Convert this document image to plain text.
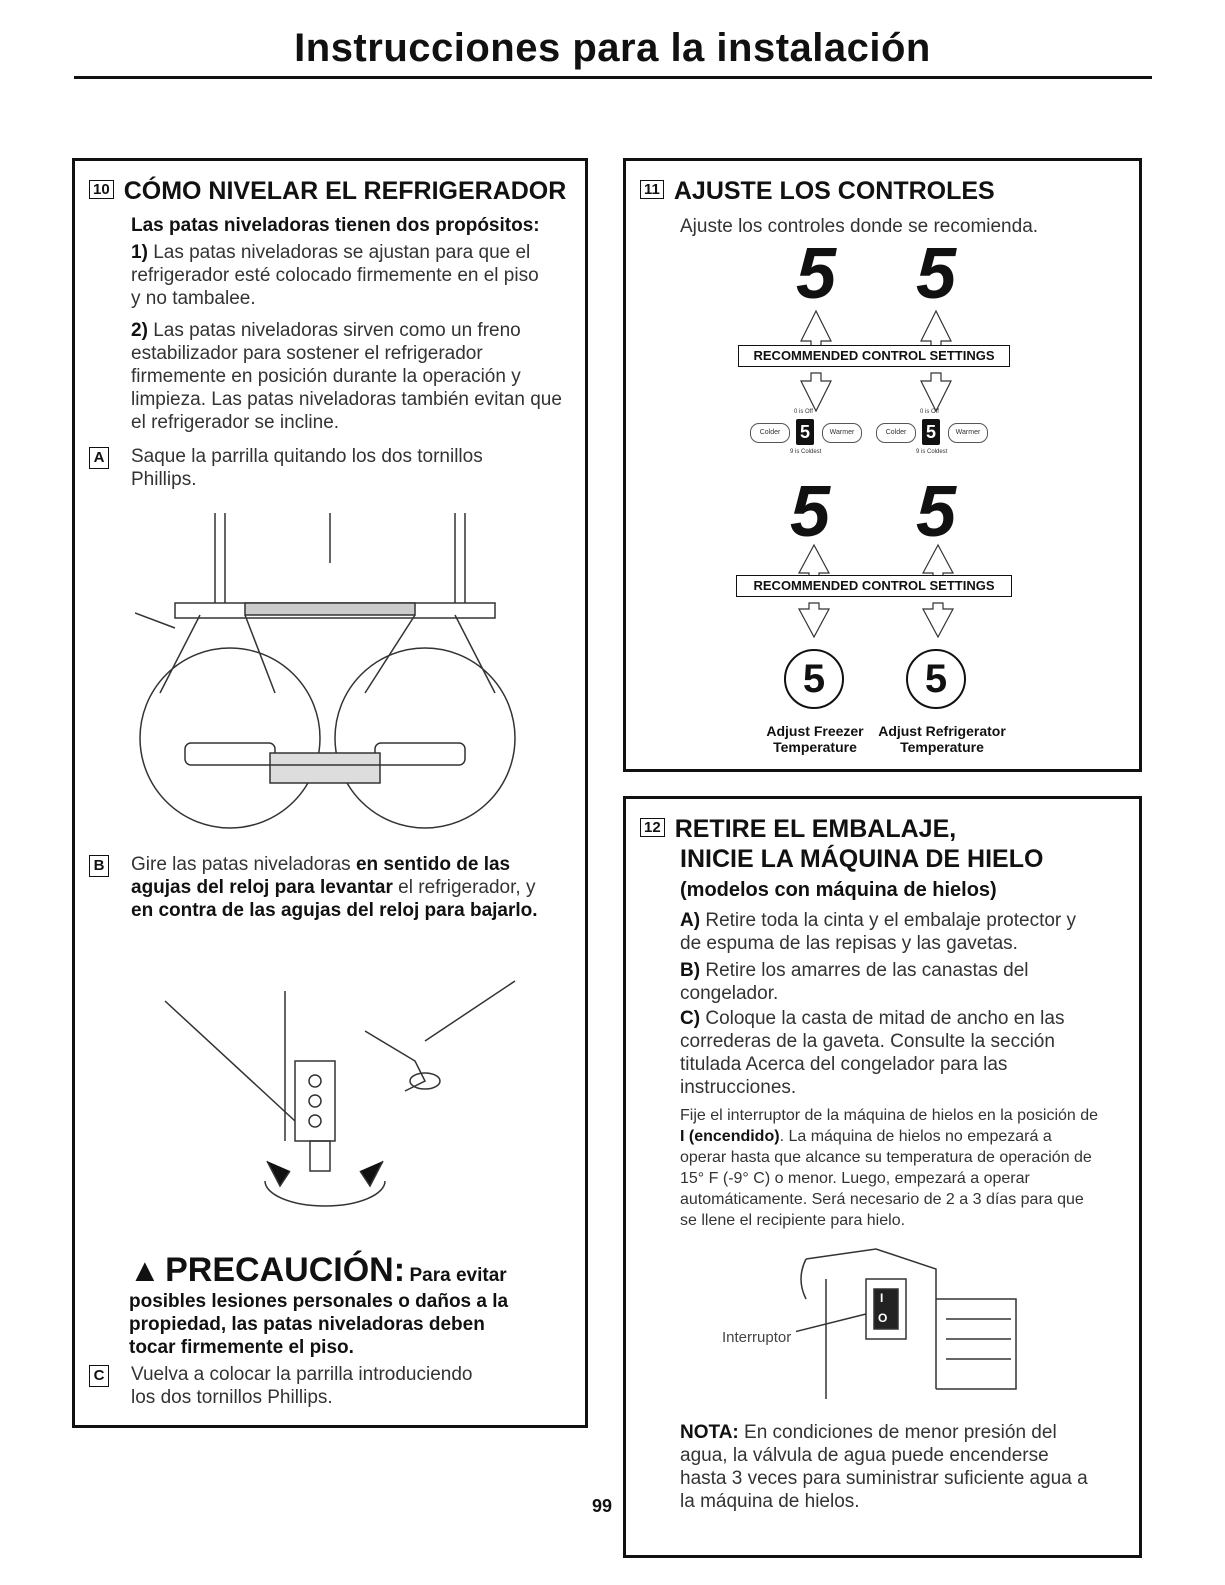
Instrucciones para la instalación
10 CÓMO NIVELAR EL REFRIGERADOR
Las patas niveladoras tienen dos propósitos:
1) Las patas niveladoras se ajustan para que el refrigerador esté colocado firmemente en el piso y no tambalee.
2) Las patas niveladoras sirven como un freno estabilizador para sostener el refrigerador firmemente en posición durante la operación y limpieza. Las patas niveladoras también evitan que el refrigerador se incline.
A Saque la parrilla quitando los dos tornillos Phillips.
B Gire las patas niveladoras en sentido de las agujas del reloj para levantar el refrigerador, y en contra de las agujas del reloj para bajarlo.
▲ PRECAUCIÓN: Para evitar
posibles lesiones personales o daños a la propiedad, las patas niveladoras deben tocar firmemente el piso.
C Vuelva a colocar la parrilla introduciendo los dos tornillos Phillips.
11 AJUSTE LOS CONTROLES
Ajuste los controles donde se recomienda.
5 5
RECOMMENDED CONTROL SETTINGS
Colder	5	Warmer	Colder	5	Warmer
0 is Off	0 is Off
9 is Coldest	9 is Coldest
5 5
RECOMMENDED CONTROL SETTINGS
5	5
Adjust Freezer Temperature
Adjust Refrigerator Temperature
12 RETIRE EL EMBALAJE,
INICIE LA MÁQUINA DE HIELO
(modelos con máquina de hielos)
A) Retire toda la cinta y el embalaje protector y de espuma de las repisas y las gavetas.
B) Retire los amarres de las canastas del congelador.
C) Coloque la casta de mitad de ancho en las correderas de la gaveta. Consulte la sección titulada Acerca del congelador para las instrucciones.
Fije el interruptor de la máquina de hielos en la posición de I (encendido). La máquina de hielos no empezará a operar hasta que alcance su temperatura de operación de 15° F (-9° C) o menor. Luego, empezará a operar automáticamente. Será necesario de 2 a 3 días para que se llene el recipiente para hielo.
I
O
Interruptor
NOTA: En condiciones de menor presión del agua, la válvula de agua puede encenderse hasta 3 veces para suministrar suficiente agua a la máquina de hielos.
99
